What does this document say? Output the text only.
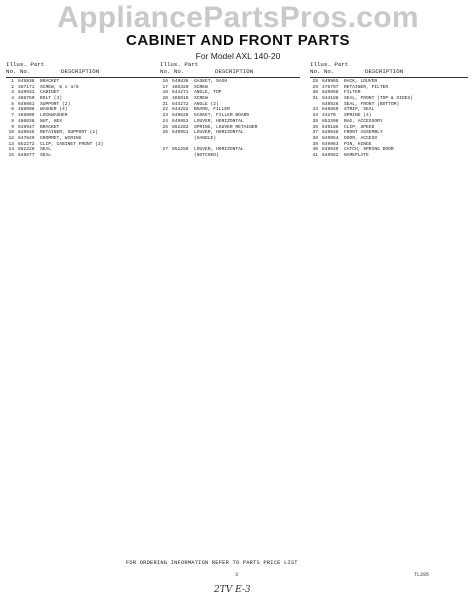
AppliancePartsPros.com
CABINET AND FRONT PARTS
For Model AXL 140-20
Illus. Part
No. No.	DESCRIPTION
1 649838 BRACKET
2 487171 SCREW, 8 x 3/8
3 649933 CABINET
4 488750 BOLT (4)
5 649861 SUPPORT (2)
6 488008 WASHER (4)
7 486009 LOCKWASHER
8 486036 NUT, HEX
9 649947 BRACKET
10 649946 RETAINER, SUPPORT (2)
12 647849 GROMMET, WIRING
13 852272 CLIP, CABINET FRONT (3)
14 852220 SEAL
15 649877 SEAL
Illus. Part
No. No.	DESCRIPTION
16 649836 GASKET, SASH
17 486320 SCREW
18 644271 ANGLE, TOP
20 485010 SCREW
21 644272 ANGLE (2)
22 644282 BOARD, FILLER
23 649626 GASKET, FILLER BOARD
24 649953 LOUVER, HORIZONTAL
25 852282 SPRING, LOUVER RETAINER
26 649951 LOUVER, HORIZONTAL
(HANDLE)
27 852256 LOUVER, HORIZONTAL
(NOTCHED)
Illus. Part
No. No.	DESCRIPTION
28 649965 RACK, LOUVER
29 476797 RETAINER, FILTER
30 649958 FILTER
31 644188 SEAL, FRONT (TOP & SIDES)
649926 SEAL, FRONT (BOTTOM)
33 646859 STRIP, SEAL
34 43270 SPRING (4)
35 853308 BAG, ACCESSORY
36 649185 CLIP, SPEED
37 649948 FRONT ASSEMBLY
38 649954 DOOR, ACCESS
39 649963 PIN, HINGE
40 649949 CATCH, SPRING DOOR
41 649962 NAMEPLATE
FOR ORDERING INFORMATION REFER TO PARTS PRICE LIST
3	TL295
2TV E-3
